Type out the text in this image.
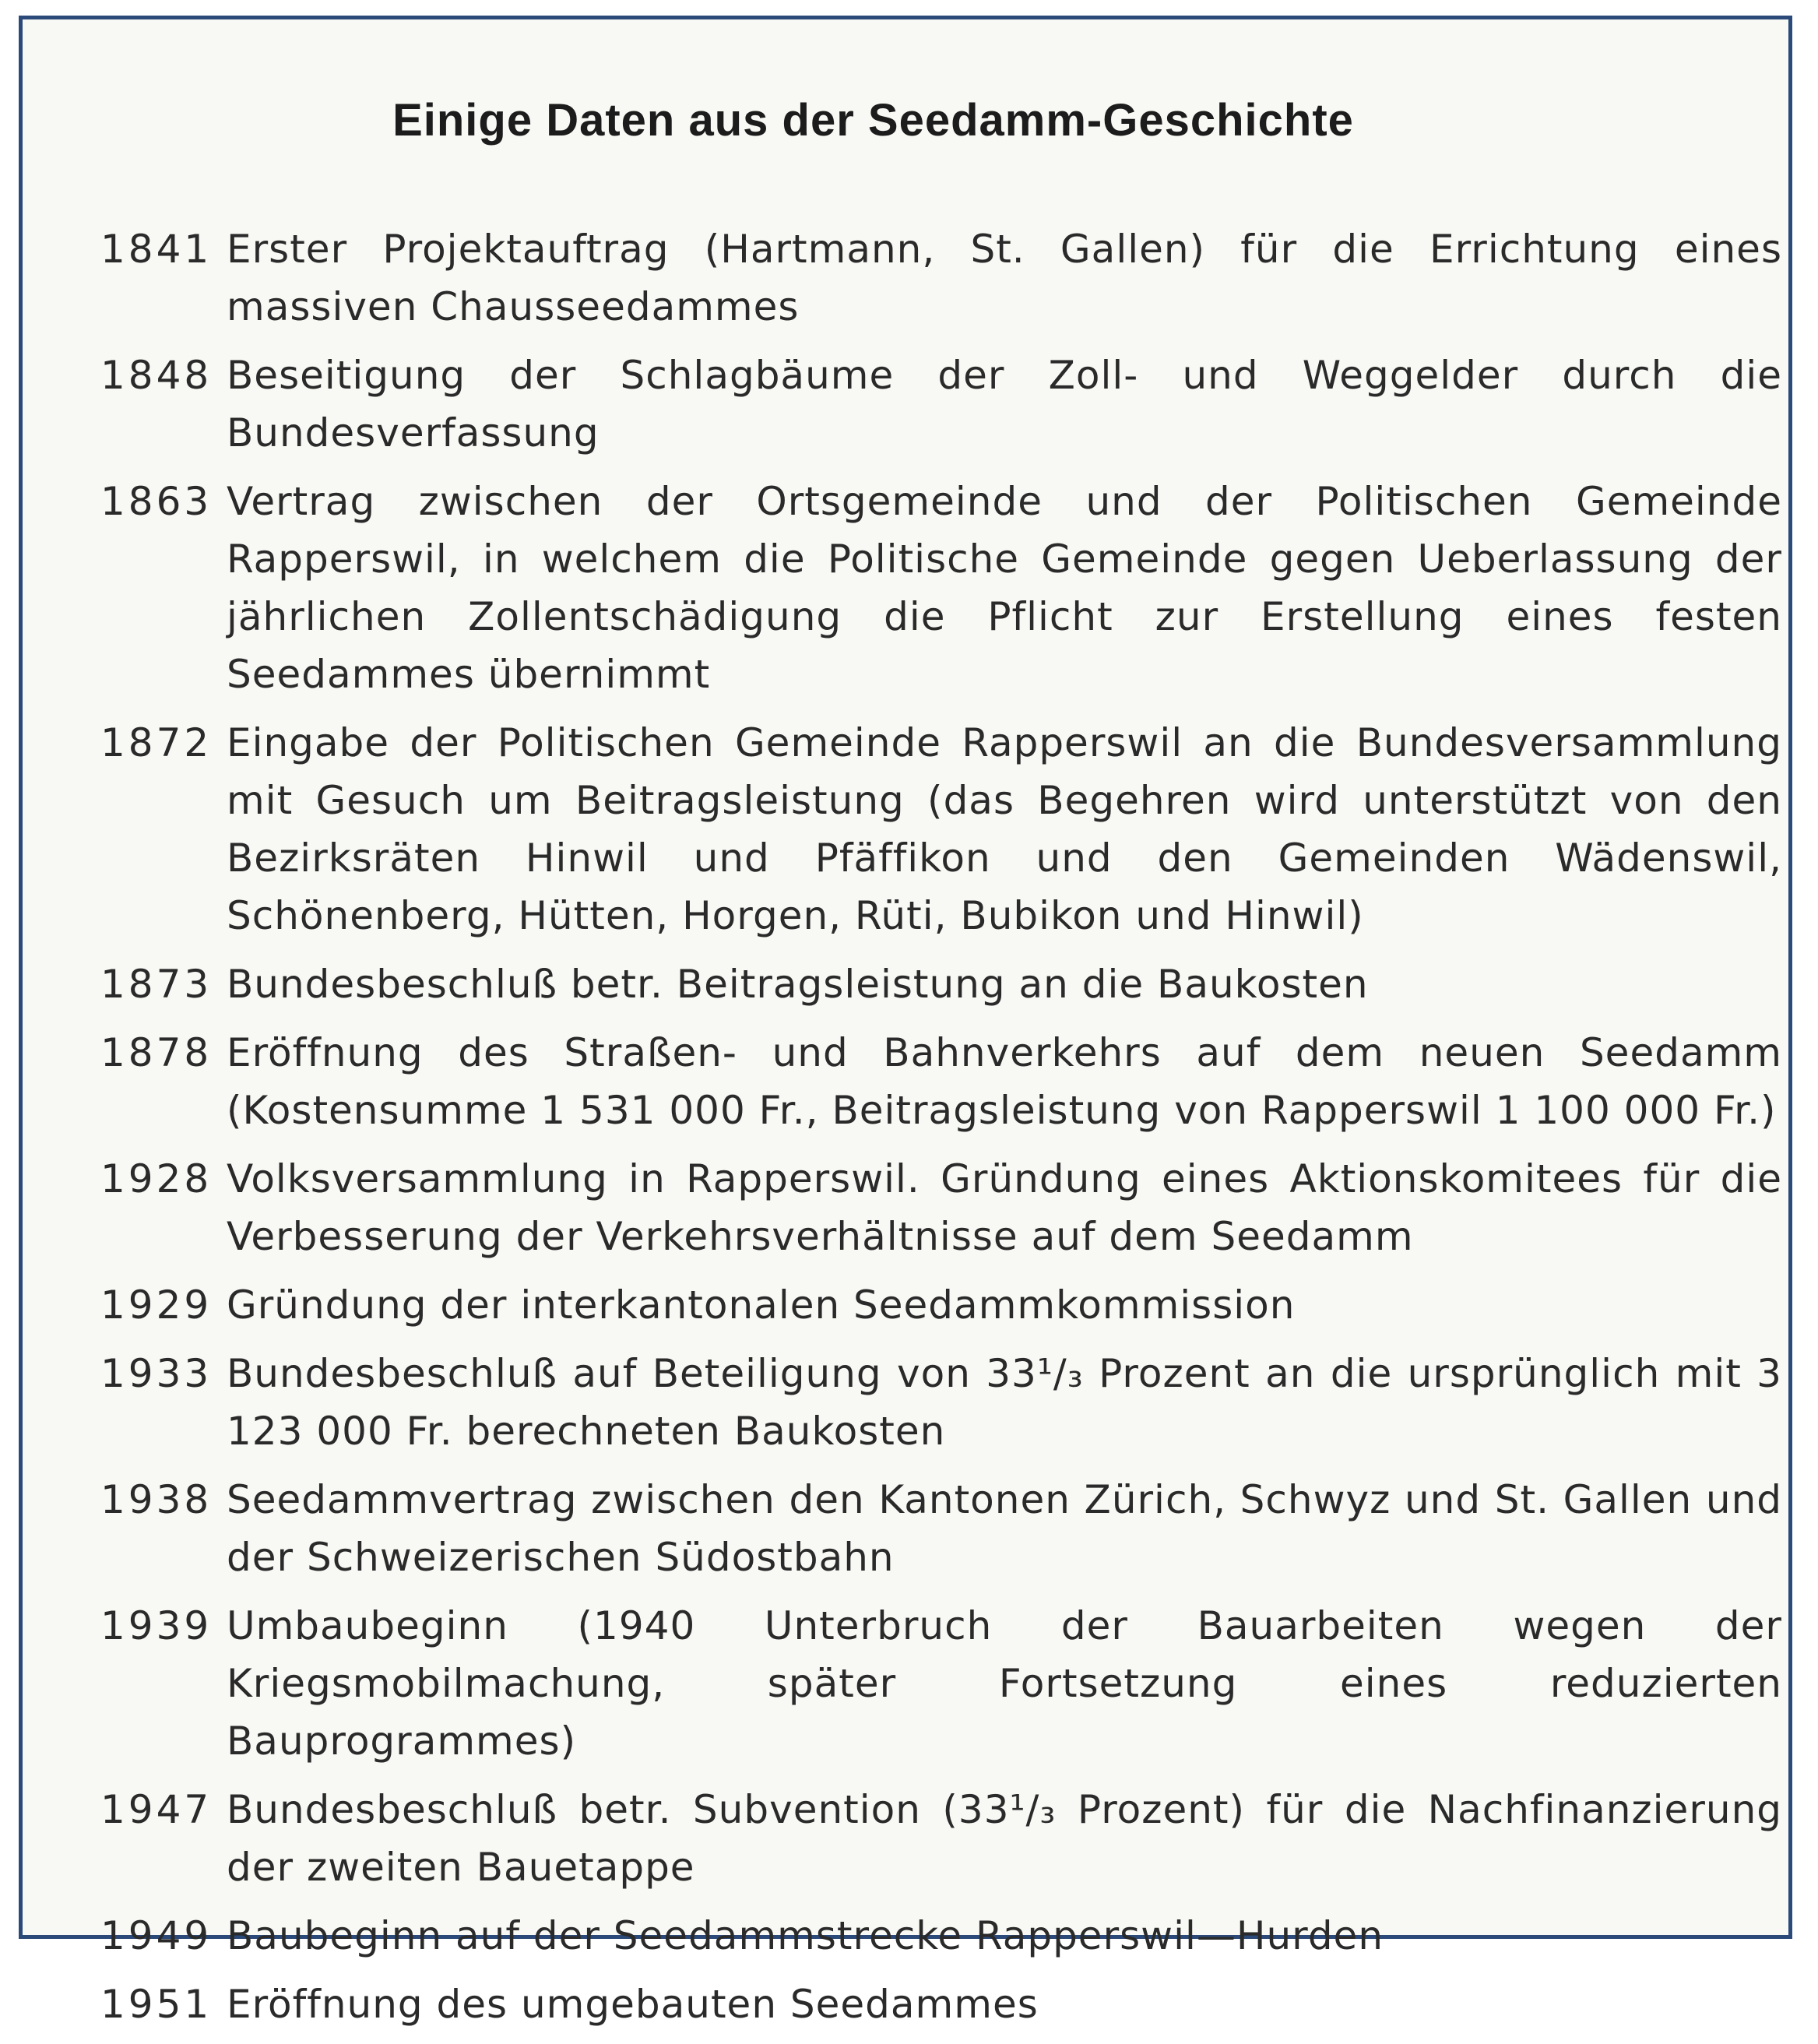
Einige Daten aus der Seedamm-Geschichte
1841 Erster Projektauftrag (Hartmann, St. Gallen) für die Errichtung eines massiven Chausseedammes
1848 Beseitigung der Schlagbäume der Zoll- und Weggelder durch die Bundesverfassung
1863 Vertrag zwischen der Ortsgemeinde und der Politischen Gemeinde Rapperswil, in welchem die Politische Gemeinde gegen Ueberlassung der jährlichen Zollentschädigung die Pflicht zur Erstellung eines festen Seedammes übernimmt
1872 Eingabe der Politischen Gemeinde Rapperswil an die Bundesversammlung mit Gesuch um Beitragsleistung (das Begehren wird unterstützt von den Bezirksräten Hinwil und Pfäffikon und den Gemeinden Wädenswil, Schönenberg, Hütten, Horgen, Rüti, Bubikon und Hinwil)
1873 Bundesbeschluß betr. Beitragsleistung an die Baukosten
1878 Eröffnung des Straßen- und Bahnverkehrs auf dem neuen Seedamm (Kostensumme 1 531 000 Fr., Beitragsleistung von Rapperswil 1 100 000 Fr.)
1928 Volksversammlung in Rapperswil. Gründung eines Aktionskomitees für die Verbesserung der Verkehrsverhältnisse auf dem Seedamm
1929 Gründung der interkantonalen Seedammkommission
1933 Bundesbeschluß auf Beteiligung von 33¹/₃ Prozent an die ursprünglich mit 3 123 000 Fr. berechneten Baukosten
1938 Seedammvertrag zwischen den Kantonen Zürich, Schwyz und St. Gallen und der Schweizerischen Südostbahn
1939 Umbaubeginn (1940 Unterbruch der Bauarbeiten wegen der Kriegsmobilmachung, später Fortsetzung eines reduzierten Bauprogrammes)
1947 Bundesbeschluß betr. Subvention (33¹/₃ Prozent) für die Nachfinanzierung der zweiten Bauetappe
1949 Baubeginn auf der Seedammstrecke Rapperswil—Hurden
1951 Eröffnung des umgebauten Seedammes
